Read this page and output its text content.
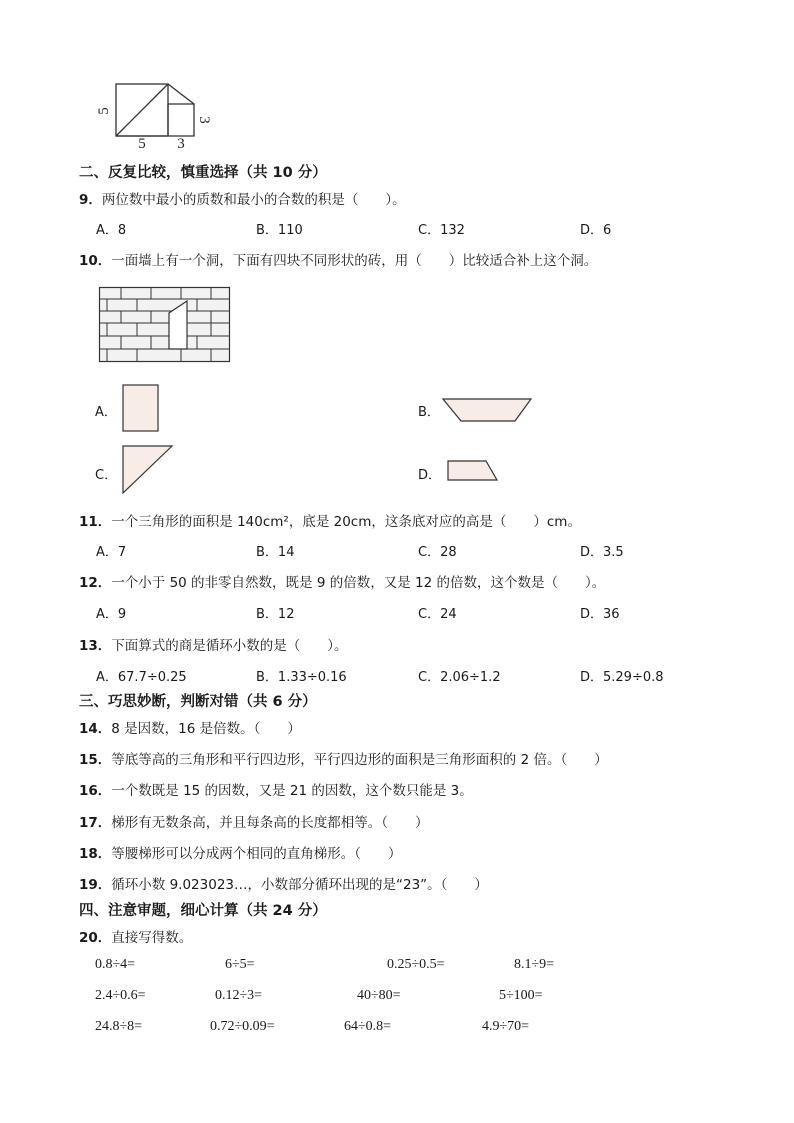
5
5 3
3
二、反复比较，慎重选择（共 10 分）
9．两位数中最小的质数和最小的合数的积是（　　）。
A．8	B．110	C．132	D．6
10．一面墙上有一个洞，下面有四块不同形状的砖，用（　　）比较适合补上这个洞。
A．	B．
C．	D．
11．一个三角形的面积是 140cm²，底是 20cm，这条底对应的高是（　　）cm。
A．7	B．14	C．28	D．3.5
12．一个小于 50 的非零自然数，既是 9 的倍数，又是 12 的倍数，这个数是（　　）。
A．9	B．12	C．24	D．36
13．下面算式的商是循环小数的是（　　）。
A．67.7÷0.25	B．1.33÷0.16	C．2.06÷1.2	D．5.29÷0.8
三、巧思妙断，判断对错（共 6 分）
14．8 是因数，16 是倍数。（　　）
15．等底等高的三角形和平行四边形，平行四边形的面积是三角形面积的 2 倍。（　　）
16．一个数既是 15 的因数，又是 21 的因数，这个数只能是 3。
17．梯形有无数条高，并且每条高的长度都相等。（　　）
18．等腰梯形可以分成两个相同的直角梯形。（　　）
19．循环小数 9.023023…，小数部分循环出现的是“23”。（　　）
四、注意审题，细心计算（共 24 分）
20．直接写得数。
0.8÷4=	6÷5=	0.25÷0.5=	8.1÷9=
2.4÷0.6=	0.12÷3=	40÷80=	5÷100=
24.8÷8=	0.72÷0.09=	64÷0.8=	4.9÷70=
